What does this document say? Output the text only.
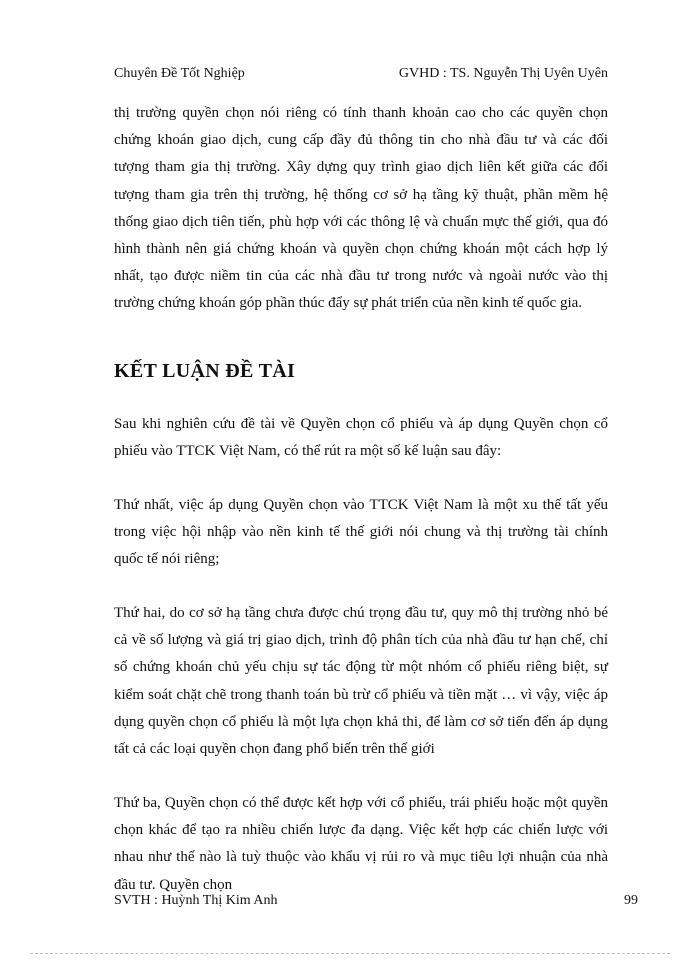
Chuyên Đề Tốt Nghiệp	GVHD : TS. Nguyễn Thị Uyên Uyên

thị trường quyền chọn nói riêng có tính thanh khoản cao cho các quyền chọn chứng khoán giao dịch, cung cấp đầy đủ thông tin cho nhà đầu tư và các đối tượng tham gia thị trường. Xây dựng quy trình giao dịch liên kết giữa các đối tượng tham gia trên thị trường, hệ thống cơ sở hạ tầng kỹ thuật, phần mềm hệ thống giao dịch tiên tiến, phù hợp với các thông lệ và chuẩn mực thế giới, qua đó hình thành nên giá chứng khoán và quyền chọn chứng khoán một cách hợp lý nhất, tạo được niềm tin của các nhà đầu tư trong nước và ngoài nước vào thị trường chứng khoán góp phần thúc đẩy sự phát triển của nền kinh tế quốc gia.

KẾT LUẬN ĐỀ TÀI

Sau khi nghiên cứu đề tài về Quyền chọn cổ phiếu và áp dụng Quyền chọn cổ phiếu vào TTCK Việt Nam, có thể rút ra một số kế luận sau đây:

Thứ nhất, việc áp dụng Quyền chọn vào TTCK Việt Nam là một xu thế tất yếu trong việc hội nhập vào nền kinh tế thế giới nói chung và thị trường tài chính quốc tế nói riêng;

Thứ hai, do cơ sở hạ tầng chưa được chú trọng đầu tư, quy mô thị trường nhỏ bé cả về số lượng và giá trị giao dịch, trình độ phân tích của nhà đầu tư hạn chế, chỉ số chứng khoán chủ yếu chịu sự tác động từ một nhóm cổ phiếu riêng biệt, sự kiểm soát chặt chẽ trong thanh toán bù trừ cổ phiếu và tiền mặt … vì vậy, việc áp dụng quyền chọn cổ phiếu là một lựa chọn khả thi, để làm cơ sở tiến đến áp dụng tất cả các loại quyền chọn đang phổ biến trên thế giới

Thứ ba, Quyền chọn có thể được kết hợp với cổ phiếu, trái phiếu hoặc một quyền chọn khác để tạo ra nhiều chiến lược đa dạng. Việc kết hợp các chiến lược với nhau như thế nào là tuỳ thuộc vào khẩu vị rủi ro và mục tiêu lợi nhuận của nhà đầu tư. Quyền chọn

SVTH : Huỳnh Thị Kim Anh	99
